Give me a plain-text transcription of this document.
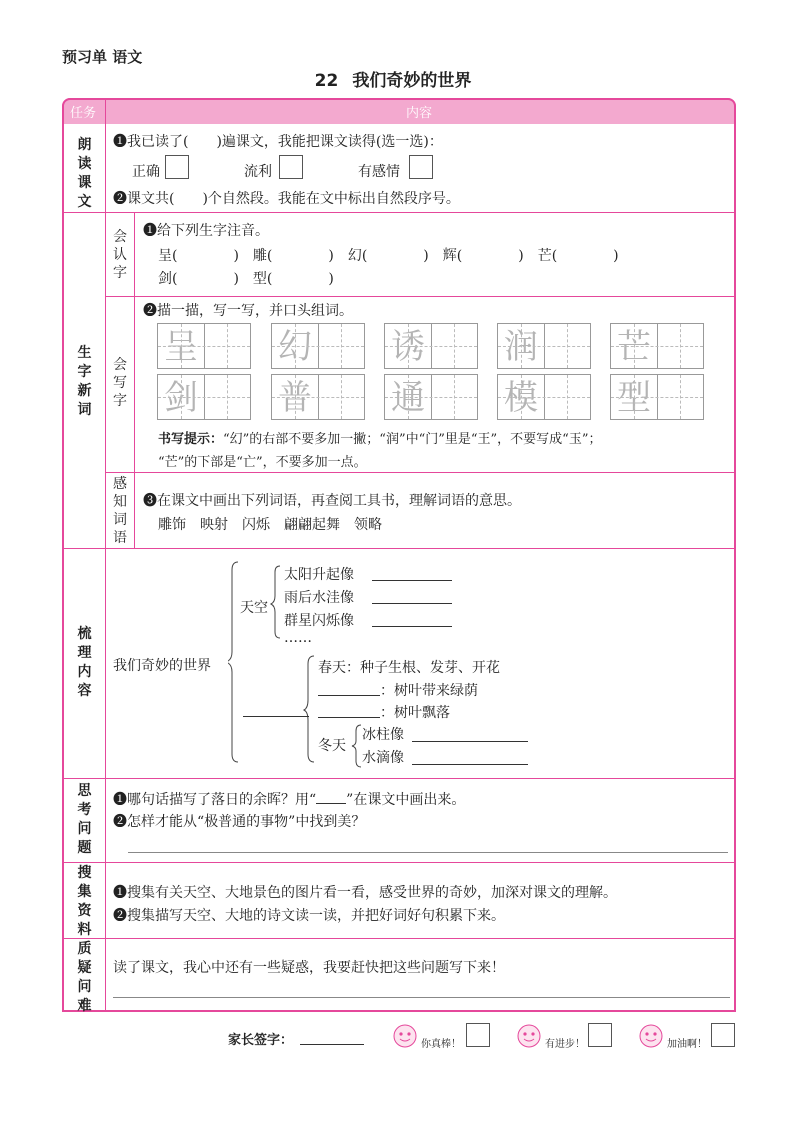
预习单 语文
22 我们奇妙的世界
任务	内容
朗
读
课
文
❶我已读了(　　)遍课文，我能把课文读得(选一选)：
正确	流利	有感情
❷课文共(　　)个自然段。我能在文中标出自然段序号。
生
字
新
词
会
认
字
❶给下列生字注音。
呈(　　　　)　雕(　　　　)　幻(　　　　)　辉(　　　　)　芒(　　　　)
剑(　　　　)　型(　　　　)
会
写
字
❷描一描，写一写，并口头组词。
呈 幻 诱 润 芒
剑 普 通 模 型
书写提示：“幻”的右部不要多加一撇；“润”中“门”里是“王”，不要写成“玉”；
“芒”的下部是“亡”，不要多加一点。
感
知
词
语
❸在课文中画出下列词语，再查阅工具书，理解词语的意思。
雕饰　映射　闪烁　翩翩起舞　领略
梳
理
内
容
我们奇妙的世界
天空
太阳升起像
雨后水洼像
群星闪烁像
……
春天：种子生根、发芽、开花
：树叶带来绿荫
：树叶飘落
冬天
冰柱像
水滴像
思
考
问
题
❶哪句话描写了落日的余晖？用“ ”在课文中画出来。
❷怎样才能从“极普通的事物”中找到美？
搜
集
资
料
❶搜集有关天空、大地景色的图片看一看，感受世界的奇妙，加深对课文的理解。
❷搜集描写天空、大地的诗文读一读，并把好词好句积累下来。
质
疑
问
难
读了课文，我心中还有一些疑惑，我要赶快把这些问题写下来！
家长签字：	你真棒！	有进步！	加油啊！
